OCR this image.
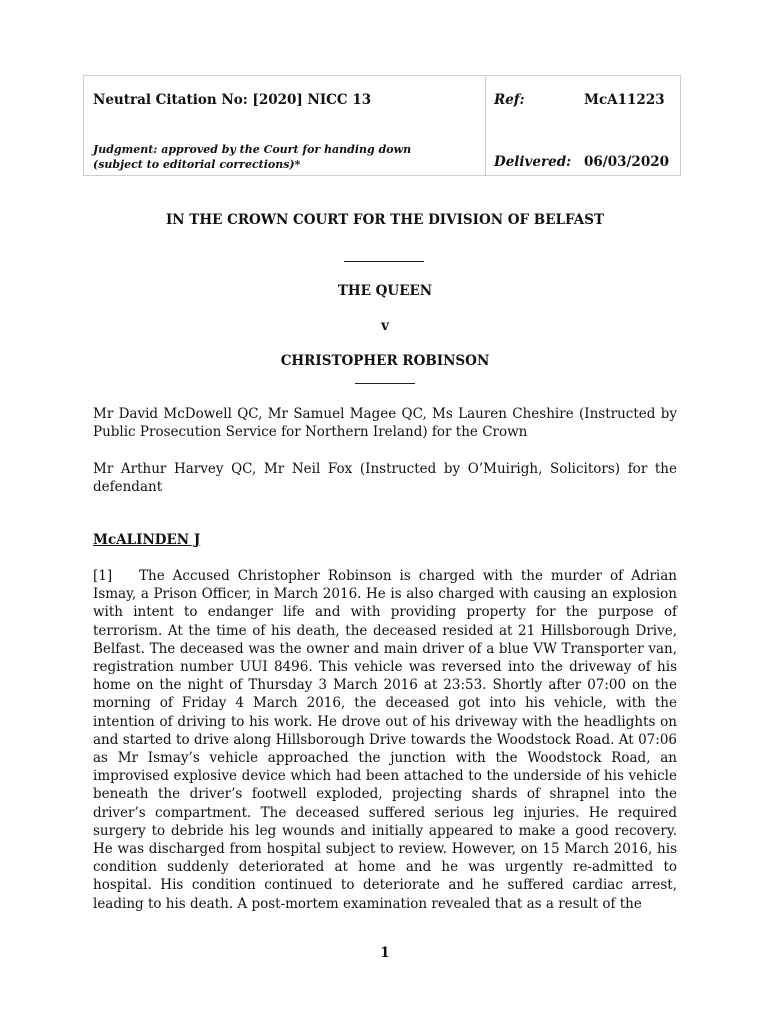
Neutral Citation No: [2020] NICC 13
Judgment: approved by the Court for handing down (subject to editorial corrections)*
Ref:	McA11223
Delivered: 06/03/2020
IN THE CROWN COURT FOR THE DIVISION OF BELFAST
THE QUEEN
v
CHRISTOPHER ROBINSON

Mr David McDowell QC, Mr Samuel Magee QC, Ms Lauren Cheshire (Instructed by Public Prosecution Service for Northern Ireland) for the Crown

Mr Arthur Harvey QC, Mr Neil Fox (Instructed by O’Muirigh, Solicitors) for the defendant

McALINDEN J

[1] The Accused Christopher Robinson is charged with the murder of Adrian Ismay, a Prison Officer, in March 2016. He is also charged with causing an explosion with intent to endanger life and with providing property for the purpose of terrorism. At the time of his death, the deceased resided at 21 Hillsborough Drive, Belfast. The deceased was the owner and main driver of a blue VW Transporter van, registration number UUI 8496. This vehicle was reversed into the driveway of his home on the night of Thursday 3 March 2016 at 23:53. Shortly after 07:00 on the morning of Friday 4 March 2016, the deceased got into his vehicle, with the intention of driving to his work. He drove out of his driveway with the headlights on and started to drive along Hillsborough Drive towards the Woodstock Road. At 07:06 as Mr Ismay’s vehicle approached the junction with the Woodstock Road, an improvised explosive device which had been attached to the underside of his vehicle beneath the driver’s footwell exploded, projecting shards of shrapnel into the driver’s compartment. The deceased suffered serious leg injuries. He required surgery to debride his leg wounds and initially appeared to make a good recovery. He was discharged from hospital subject to review. However, on 15 March 2016, his condition suddenly deteriorated at home and he was urgently re-admitted to hospital. His condition continued to deteriorate and he suffered cardiac arrest, leading to his death. A post-mortem examination revealed that as a result of the

1
